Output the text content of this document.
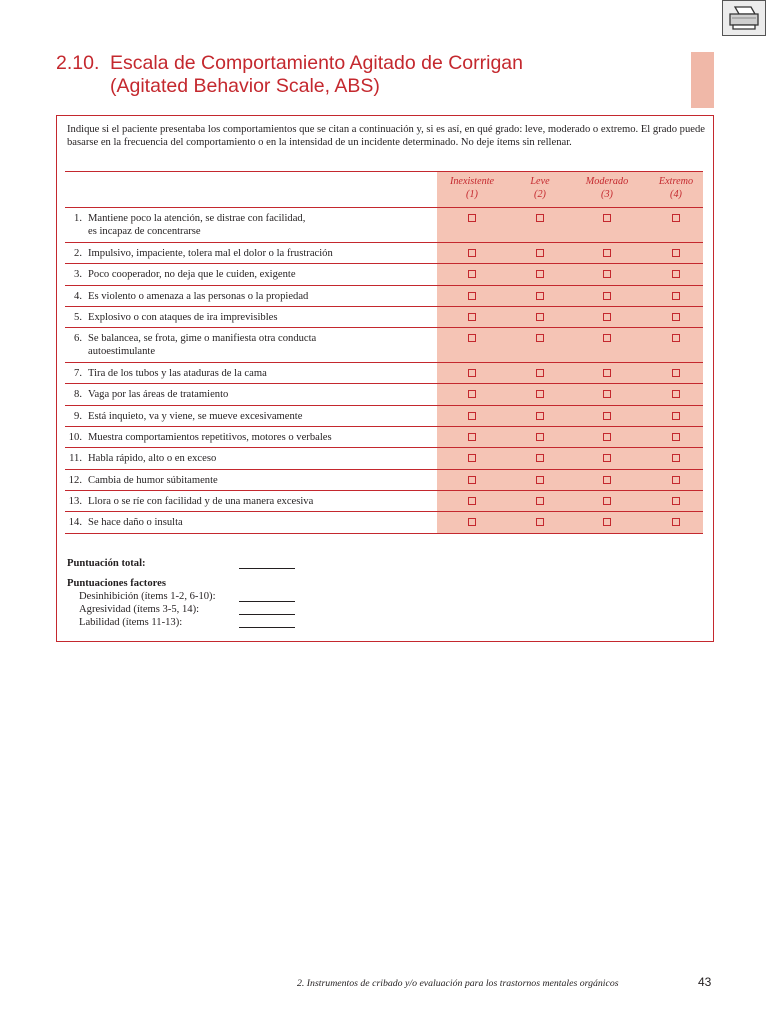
2.10. Escala de Comportamiento Agitado de Corrigan
(Agitated Behavior Scale, ABS)
Indique si el paciente presentaba los comportamientos que se citan a continuación y, si es así, en qué grado: leve, moderado o extremo. El grado puede basarse en la frecuencia del comportamiento o en la intensidad de un incidente determinado. No deje ítems sin rellenar.
Inexistente
(1)
Leve
(2)
Moderado
(3)
Extremo
(4)
1. Mantiene poco la atención, se distrae con facilidad,
es incapaz de concentrarse
2. Impulsivo, impaciente, tolera mal el dolor o la frustración
3. Poco cooperador, no deja que le cuiden, exigente
4. Es violento o amenaza a las personas o la propiedad
5. Explosivo o con ataques de ira imprevisibles
6. Se balancea, se frota, gime o manifiesta otra conducta
autoestimulante
7. Tira de los tubos y las ataduras de la cama
8. Vaga por las áreas de tratamiento
9. Está inquieto, va y viene, se mueve excesivamente
10. Muestra comportamientos repetitivos, motores o verbales
11. Habla rápido, alto o en exceso
12. Cambia de humor súbitamente
13. Llora o se ríe con facilidad y de una manera excesiva
14. Se hace daño o insulta
Puntuación total:
Puntuaciones factores
Desinhibición (ítems 1-2, 6-10):
Agresividad (ítems 3-5, 14):
Labilidad (ítems 11-13):
2. Instrumentos de cribado y/o evaluación para los trastornos mentales orgánicos	43
